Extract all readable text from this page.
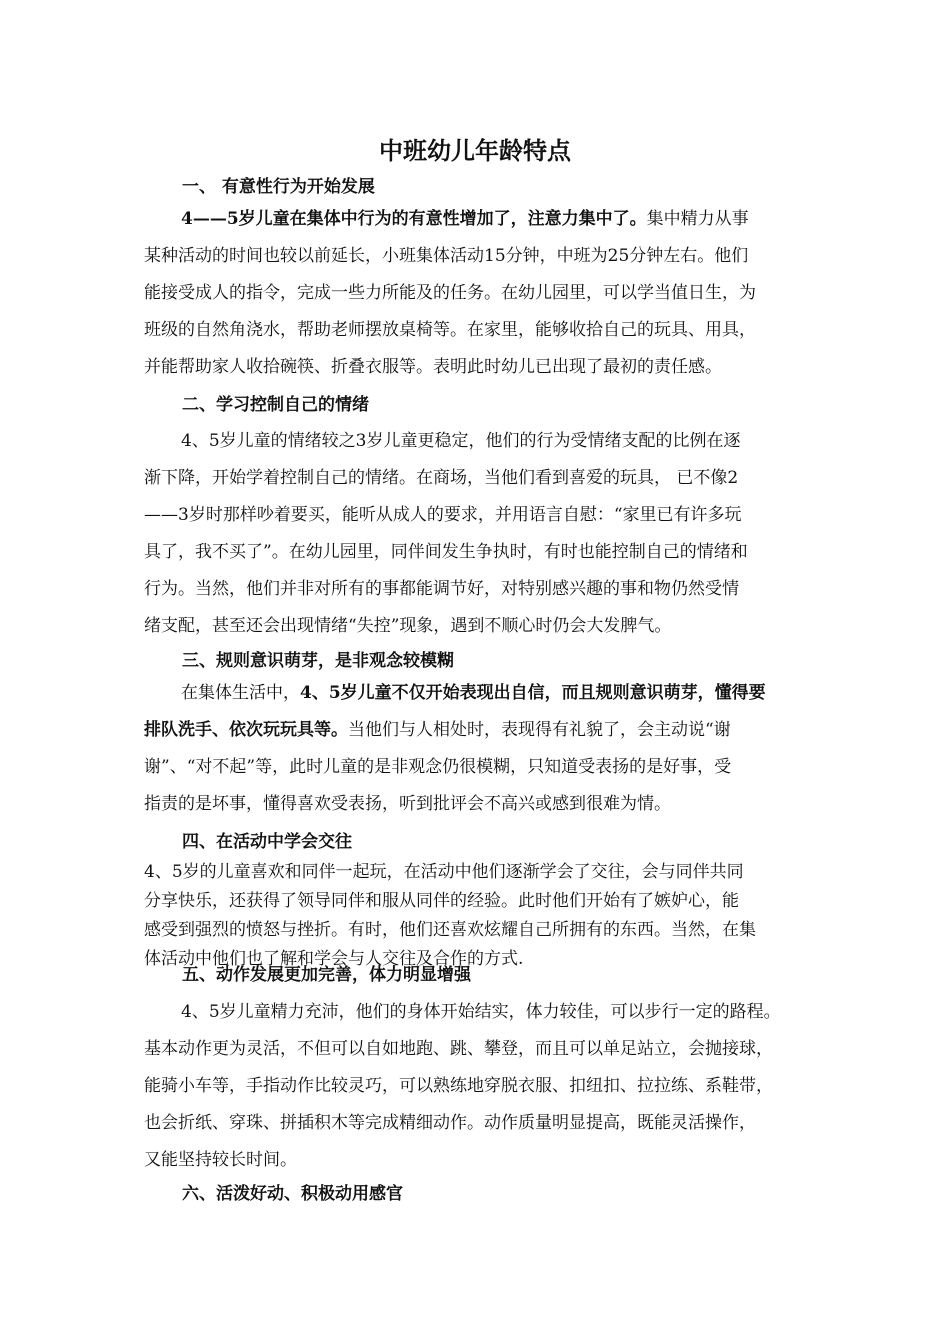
中班幼儿年龄特点
一、 有意性行为开始发展
4——5岁儿童在集体中行为的有意性增加了，注意力集中了。集中精力从事
某种活动的时间也较以前延长，小班集体活动15分钟，中班为25分钟左右。他们
能接受成人的指令，完成一些力所能及的任务。在幼儿园里，可以学当值日生，为
班级的自然角浇水，帮助老师摆放桌椅等。在家里，能够收拾自己的玩具、用具，
并能帮助家人收拾碗筷、折叠衣服等。表明此时幼儿已出现了最初的责任感。
二、学习控制自己的情绪
4、5岁儿童的情绪较之3岁儿童更稳定，他们的行为受情绪支配的比例在逐
渐下降，开始学着控制自己的情绪。在商场，当他们看到喜爱的玩具， 已不像2
——3岁时那样吵着要买，能听从成人的要求，并用语言自慰：“家里已有许多玩
具了，我不买了”。在幼儿园里，同伴间发生争执时，有时也能控制自己的情绪和
行为。当然，他们并非对所有的事都能调节好，对特别感兴趣的事和物仍然受情
绪支配，甚至还会出现情绪“失控”现象，遇到不顺心时仍会大发脾气。
三、规则意识萌芽，是非观念较模糊
在集体生活中，4、5岁儿童不仅开始表现出自信，而且规则意识萌芽，懂得要
排队洗手、依次玩玩具等。当他们与人相处时，表现得有礼貌了，会主动说“谢
谢”、“对不起”等，此时儿童的是非观念仍很模糊，只知道受表扬的是好事，受
指责的是坏事，懂得喜欢受表扬，听到批评会不高兴或感到很难为情。
四、在活动中学会交往
4、5岁的儿童喜欢和同伴一起玩，在活动中他们逐渐学会了交往，会与同伴共同
分享快乐，还获得了领导同伴和服从同伴的经验。此时他们开始有了嫉妒心，能
感受到强烈的愤怒与挫折。有时，他们还喜欢炫耀自己所拥有的东西。当然，在集
体活动中他们也了解和学会与人交往及合作的方式.
五、动作发展更加完善，体力明显增强
4、5岁儿童精力充沛，他们的身体开始结实，体力较佳，可以步行一定的路程。
基本动作更为灵活，不但可以自如地跑、跳、攀登，而且可以单足站立，会抛接球，
能骑小车等，手指动作比较灵巧，可以熟练地穿脱衣服、扣纽扣、拉拉练、系鞋带，
也会折纸、穿珠、拼插积木等完成精细动作。动作质量明显提高，既能灵活操作，
又能坚持较长时间。
六、活泼好动、积极动用感官
